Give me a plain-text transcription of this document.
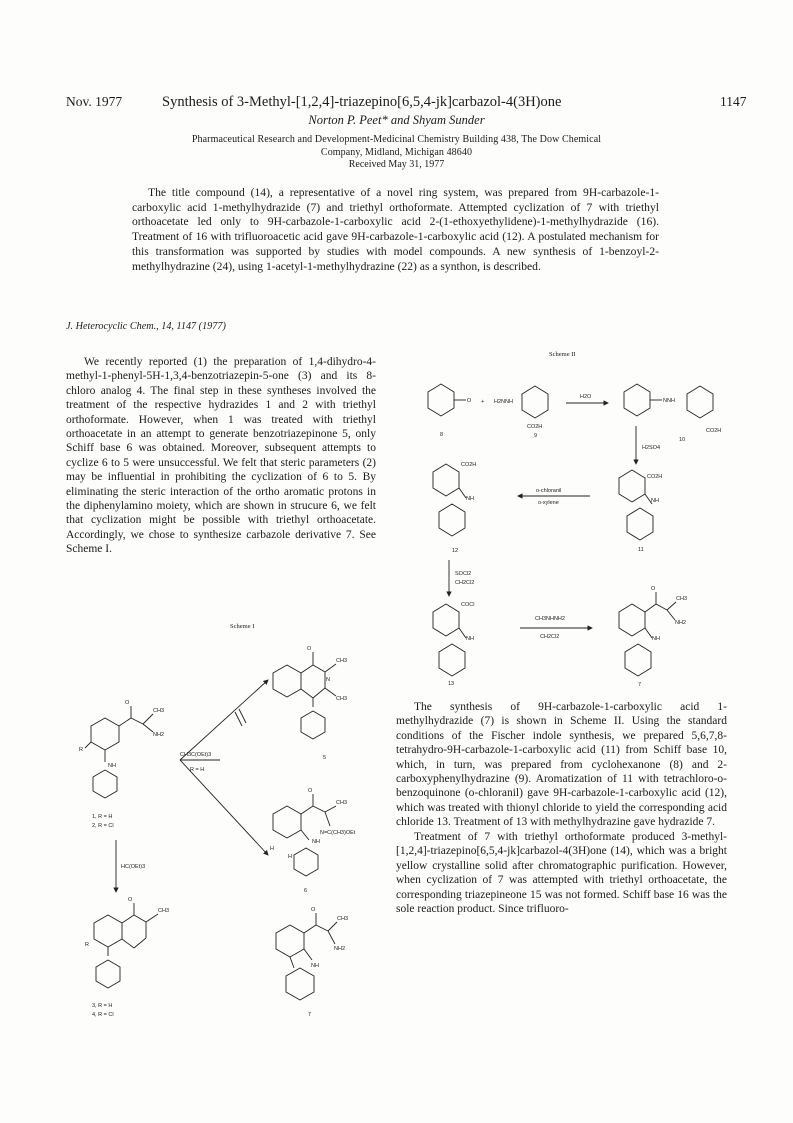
Nov. 1977	Synthesis of 3-Methyl-[1,2,4]-triazepino[6,5,4-jk]carbazol-4(3H)one	1147
Norton P. Peet* and Shyam Sunder
Pharmaceutical Research and Development-Medicinal Chemistry Building 438, The Dow Chemical
Company, Midland, Michigan 48640
Received May 31, 1977

The title compound (14), a representative of a novel ring system, was prepared from 9H-carbazole-1-carboxylic acid 1-methylhydrazide (7) and triethyl orthoformate. Attempted cyclization of 7 with triethyl orthoacetate led only to 9H-carbazole-1-carboxylic acid 2-(1-ethoxyethylidene)-1-methylhydrazide (16). Treatment of 16 with trifluoroacetic acid gave 9H-carbazole-1-carboxylic acid (12). A postulated mechanism for this transformation was supported by studies with model compounds. A new synthesis of 1-benzoyl-2-methylhydrazine (24), using 1-acetyl-1-methylhydrazine (22) as a synthon, is described.

J. Heterocyclic Chem., 14, 1147 (1977)

We recently reported (1) the preparation of 1,4-dihydro-4-methyl-1-phenyl-5H-1,3,4-benzotriazepin-5-one (3) and its 8-chloro analog 4. The final step in these syntheses involved the treatment of the respective hydrazides 1 and 2 with triethyl orthoformate. However, when 1 was treated with triethyl orthoacetate in an attempt to generate benzotriazepinone 5, only Schiff base 6 was obtained. Moreover, subsequent attempts to cyclize 6 to 5 were unsuccessful. We felt that steric parameters (2) may be influential in prohibiting the cyclization of 6 to 5. By eliminating the steric interaction of the ortho aromatic protons in the diphenylamino moiety, which are shown in strucure 6, we felt that cyclization might be possible with triethyl orthoacetate. Accordingly, we chose to synthesize carbazole derivative 7. See Scheme I.

The synthesis of 9H-carbazole-1-carboxylic acid 1-methylhydrazide (7) is shown in Scheme II. Using the standard conditions of the Fischer indole synthesis, we prepared 5,6,7,8-tetrahydro-9H-carbazole-1-carboxylic acid (11) from Schiff base 10, which, in turn, was prepared from cyclohexanone (8) and 2-carboxyphenylhydrazine (9). Aromatization of 11 with tetrachloro-o-benzoquinone (o-chloranil) gave 9H-carbazole-1-carboxylic acid (12), which was treated with thionyl chloride to yield the corresponding acid chloride 13. Treatment of 13 with methylhydrazine gave hydrazide 7.

Treatment of 7 with triethyl orthoformate produced 3-methyl-[1,2,4]-triazepino[6,5,4-jk]carbazol-4(3H)one (14), which was a bright yellow crystalline solid after chromatographic purification. However, when cyclization of 7 was attempted with triethyl orthoacetate, the corresponding triazepineone 15 was not formed. Schiff base 16 was the sole reaction product. Since trifluoro-

Scheme I
Scheme II
O
CH3
NH2
NH
R
1, R = H
2, R = Cl
CH3C(OEt)3
R = H
HC(OEt)3
O
CH3
R
3, R = H
4, R = Cl
O
CH3
CH3
N
5
O
CH3
N=C(CH3)OEt
NH
H
H
6
O
CH3
NH2
NH
7
O
8
+ H2NNH
CO2H
9
H2O
NNH
CO2H
10
H2SO4
CO2H
NH
11
o-chloranil
o-xylene
CO2H
NH
12
SOCl2
CH2Cl2
COCl
NH
13
CH3NHNH2
CH2Cl2
O
CH3
NH2
NH
7
